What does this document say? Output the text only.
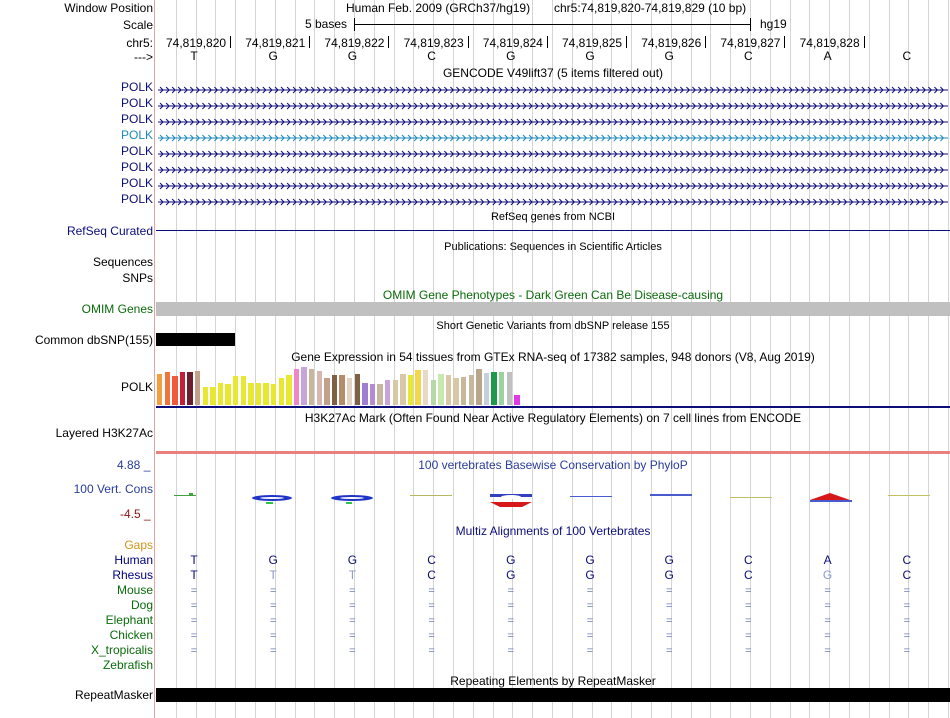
Window Position	Human Feb. 2009 (GRCh37/hg19) chr5:74,819,820-74,819,829 (10 bp)
Scale	5 bases	hg19
chr5: 74,819,820 74,819,821 74,819,822 74,819,823 74,819,824 74,819,825 74,819,826 74,819,827 74,819,828
--->	T	G	G	C	G	G	G	C	A	C
GENCODE V49lift37 (5 items filtered out)
POLK
POLK
POLK
POLK
POLK
POLK
POLK
POLK
RefSeq genes from NCBI
RefSeq Curated
Publications: Sequences in Scientific Articles
Sequences
SNPs
OMIM Gene Phenotypes - Dark Green Can Be Disease-causing
OMIM Genes
Short Genetic Variants from dbSNP release 155
Common dbSNP(155)
Gene Expression in 54 tissues from GTEx RNA-seq of 17382 samples, 948 donors (V8, Aug 2019)
POLK
H3K27Ac Mark (Often Found Near Active Regulatory Elements) on 7 cell lines from ENCODE
Layered H3K27Ac
100 vertebrates Basewise Conservation by PhyloP
4.88 _
100 Vert. Cons
-4.5 _
Multiz Alignments of 100 Vertebrates
Gaps
Human	T	G	G	C	G	G	G	C	A	C
Rhesus	T	T	T	C	G	G	G	C	G	C
Mouse	=	=	=	=	=	=	=	=	=	=
Dog	=	=	=	=	=	=	=	=	=	=
Elephant	=	=	=	=	=	=	=	=	=	=
Chicken	=	=	=	=	=	=	=	=	=	=
X_tropicalis	=	=	=	=	=	=	=	=	=	=
Zebrafish
Repeating Elements by RepeatMasker
RepeatMasker
